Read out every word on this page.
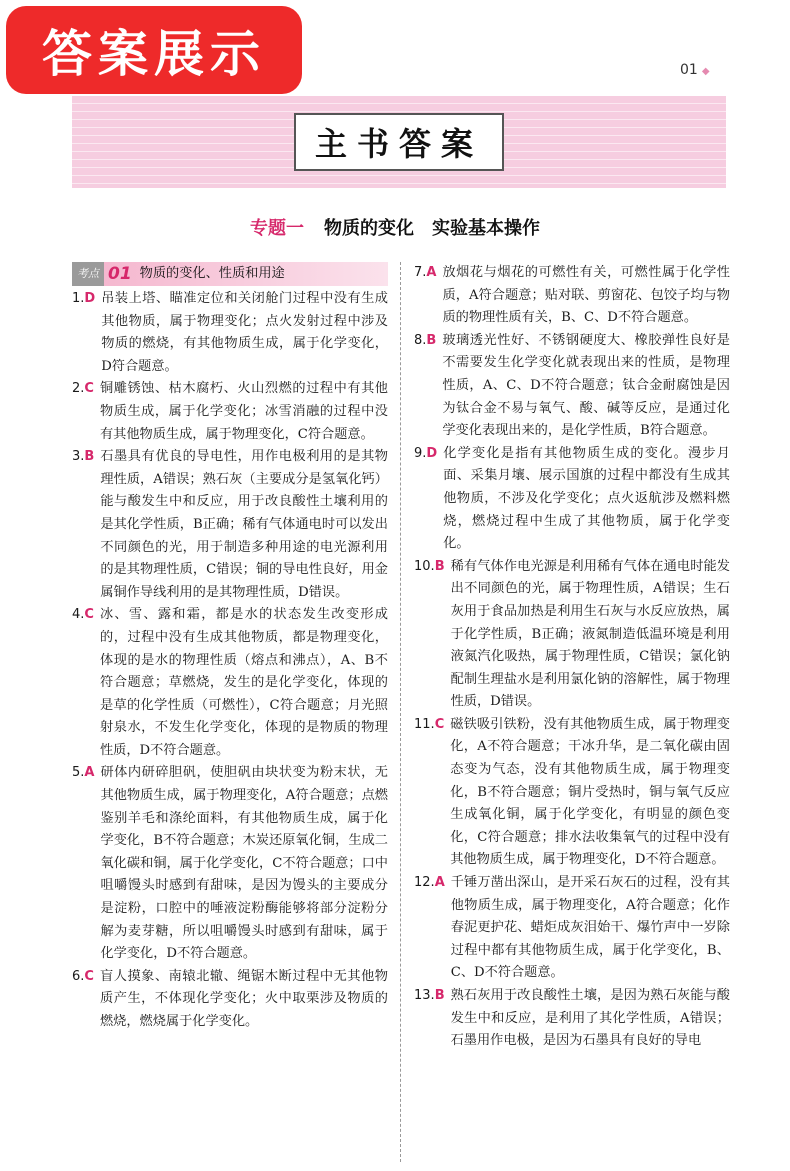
答案展示	01 ◆
主书答案
专题一 物质的变化　实验基本操作
考点 01 物质的变化、性质和用途
1.D 吊装上塔、瞄准定位和关闭舱门过程中没有生成其他物质，属于物理变化；点火发射过程中涉及物质的燃烧，有其他物质生成，属于化学变化，D符合题意。
2.C 铜雕锈蚀、枯木腐朽、火山烈燃的过程中有其他物质生成，属于化学变化；冰雪消融的过程中没有其他物质生成，属于物理变化，C符合题意。
3.B 石墨具有优良的导电性，用作电极利用的是其物理性质，A错误；熟石灰（主要成分是氢氧化钙）能与酸发生中和反应，用于改良酸性土壤利用的是其化学性质，B正确；稀有气体通电时可以发出不同颜色的光，用于制造多种用途的电光源利用的是其物理性质，C错误；铜的导电性良好，用金属铜作导线利用的是其物理性质，D错误。
4.C 冰、雪、露和霜，都是水的状态发生改变形成的，过程中没有生成其他物质，都是物理变化，体现的是水的物理性质（熔点和沸点），A、B不符合题意；草燃烧，发生的是化学变化，体现的是草的化学性质（可燃性），C符合题意；月光照射泉水，不发生化学变化，体现的是物质的物理性质，D不符合题意。
5.A 研体内研碎胆矾，使胆矾由块状变为粉末状，无其他物质生成，属于物理变化，A符合题意；点燃鉴别羊毛和涤纶面料，有其他物质生成，属于化学变化，B不符合题意；木炭还原氧化铜，生成二氧化碳和铜，属于化学变化，C不符合题意；口中咀嚼馒头时感到有甜味，是因为馒头的主要成分是淀粉，口腔中的唾液淀粉酶能够将部分淀粉分解为麦芽糖，所以咀嚼馒头时感到有甜味，属于化学变化，D不符合题意。
6.C 盲人摸象、南辕北辙、绳锯木断过程中无其他物质产生，不体现化学变化；火中取栗涉及物质的燃烧，燃烧属于化学变化。
7.A 放烟花与烟花的可燃性有关，可燃性属于化学性质，A符合题意；贴对联、剪窗花、包饺子均与物质的物理性质有关，B、C、D不符合题意。
8.B 玻璃透光性好、不锈钢硬度大、橡胶弹性良好是不需要发生化学变化就表现出来的性质，是物理性质，A、C、D不符合题意；钛合金耐腐蚀是因为钛合金不易与氧气、酸、碱等反应，是通过化学变化表现出来的，是化学性质，B符合题意。
9.D 化学变化是指有其他物质生成的变化。漫步月面、采集月壤、展示国旗的过程中都没有生成其他物质，不涉及化学变化；点火返航涉及燃料燃烧，燃烧过程中生成了其他物质，属于化学变化。
10.B 稀有气体作电光源是利用稀有气体在通电时能发出不同颜色的光，属于物理性质，A错误；生石灰用于食品加热是利用生石灰与水反应放热，属于化学性质，B正确；液氮制造低温环境是利用液氮汽化吸热，属于物理性质，C错误；氯化钠配制生理盐水是利用氯化钠的溶解性，属于物理性质，D错误。
11.C 磁铁吸引铁粉，没有其他物质生成，属于物理变化，A不符合题意；干冰升华，是二氧化碳由固态变为气态，没有其他物质生成，属于物理变化，B不符合题意；铜片受热时，铜与氧气反应生成氧化铜，属于化学变化，有明显的颜色变化，C符合题意；排水法收集氧气的过程中没有其他物质生成，属于物理变化，D不符合题意。
12.A 千锤万凿出深山，是开采石灰石的过程，没有其他物质生成，属于物理变化，A符合题意；化作春泥更护花、蜡炬成灰泪始干、爆竹声中一岁除过程中都有其他物质生成，属于化学变化，B、C、D不符合题意。
13.B 熟石灰用于改良酸性土壤，是因为熟石灰能与酸发生中和反应，是利用了其化学性质，A错误；石墨用作电极，是因为石墨具有良好的导电
